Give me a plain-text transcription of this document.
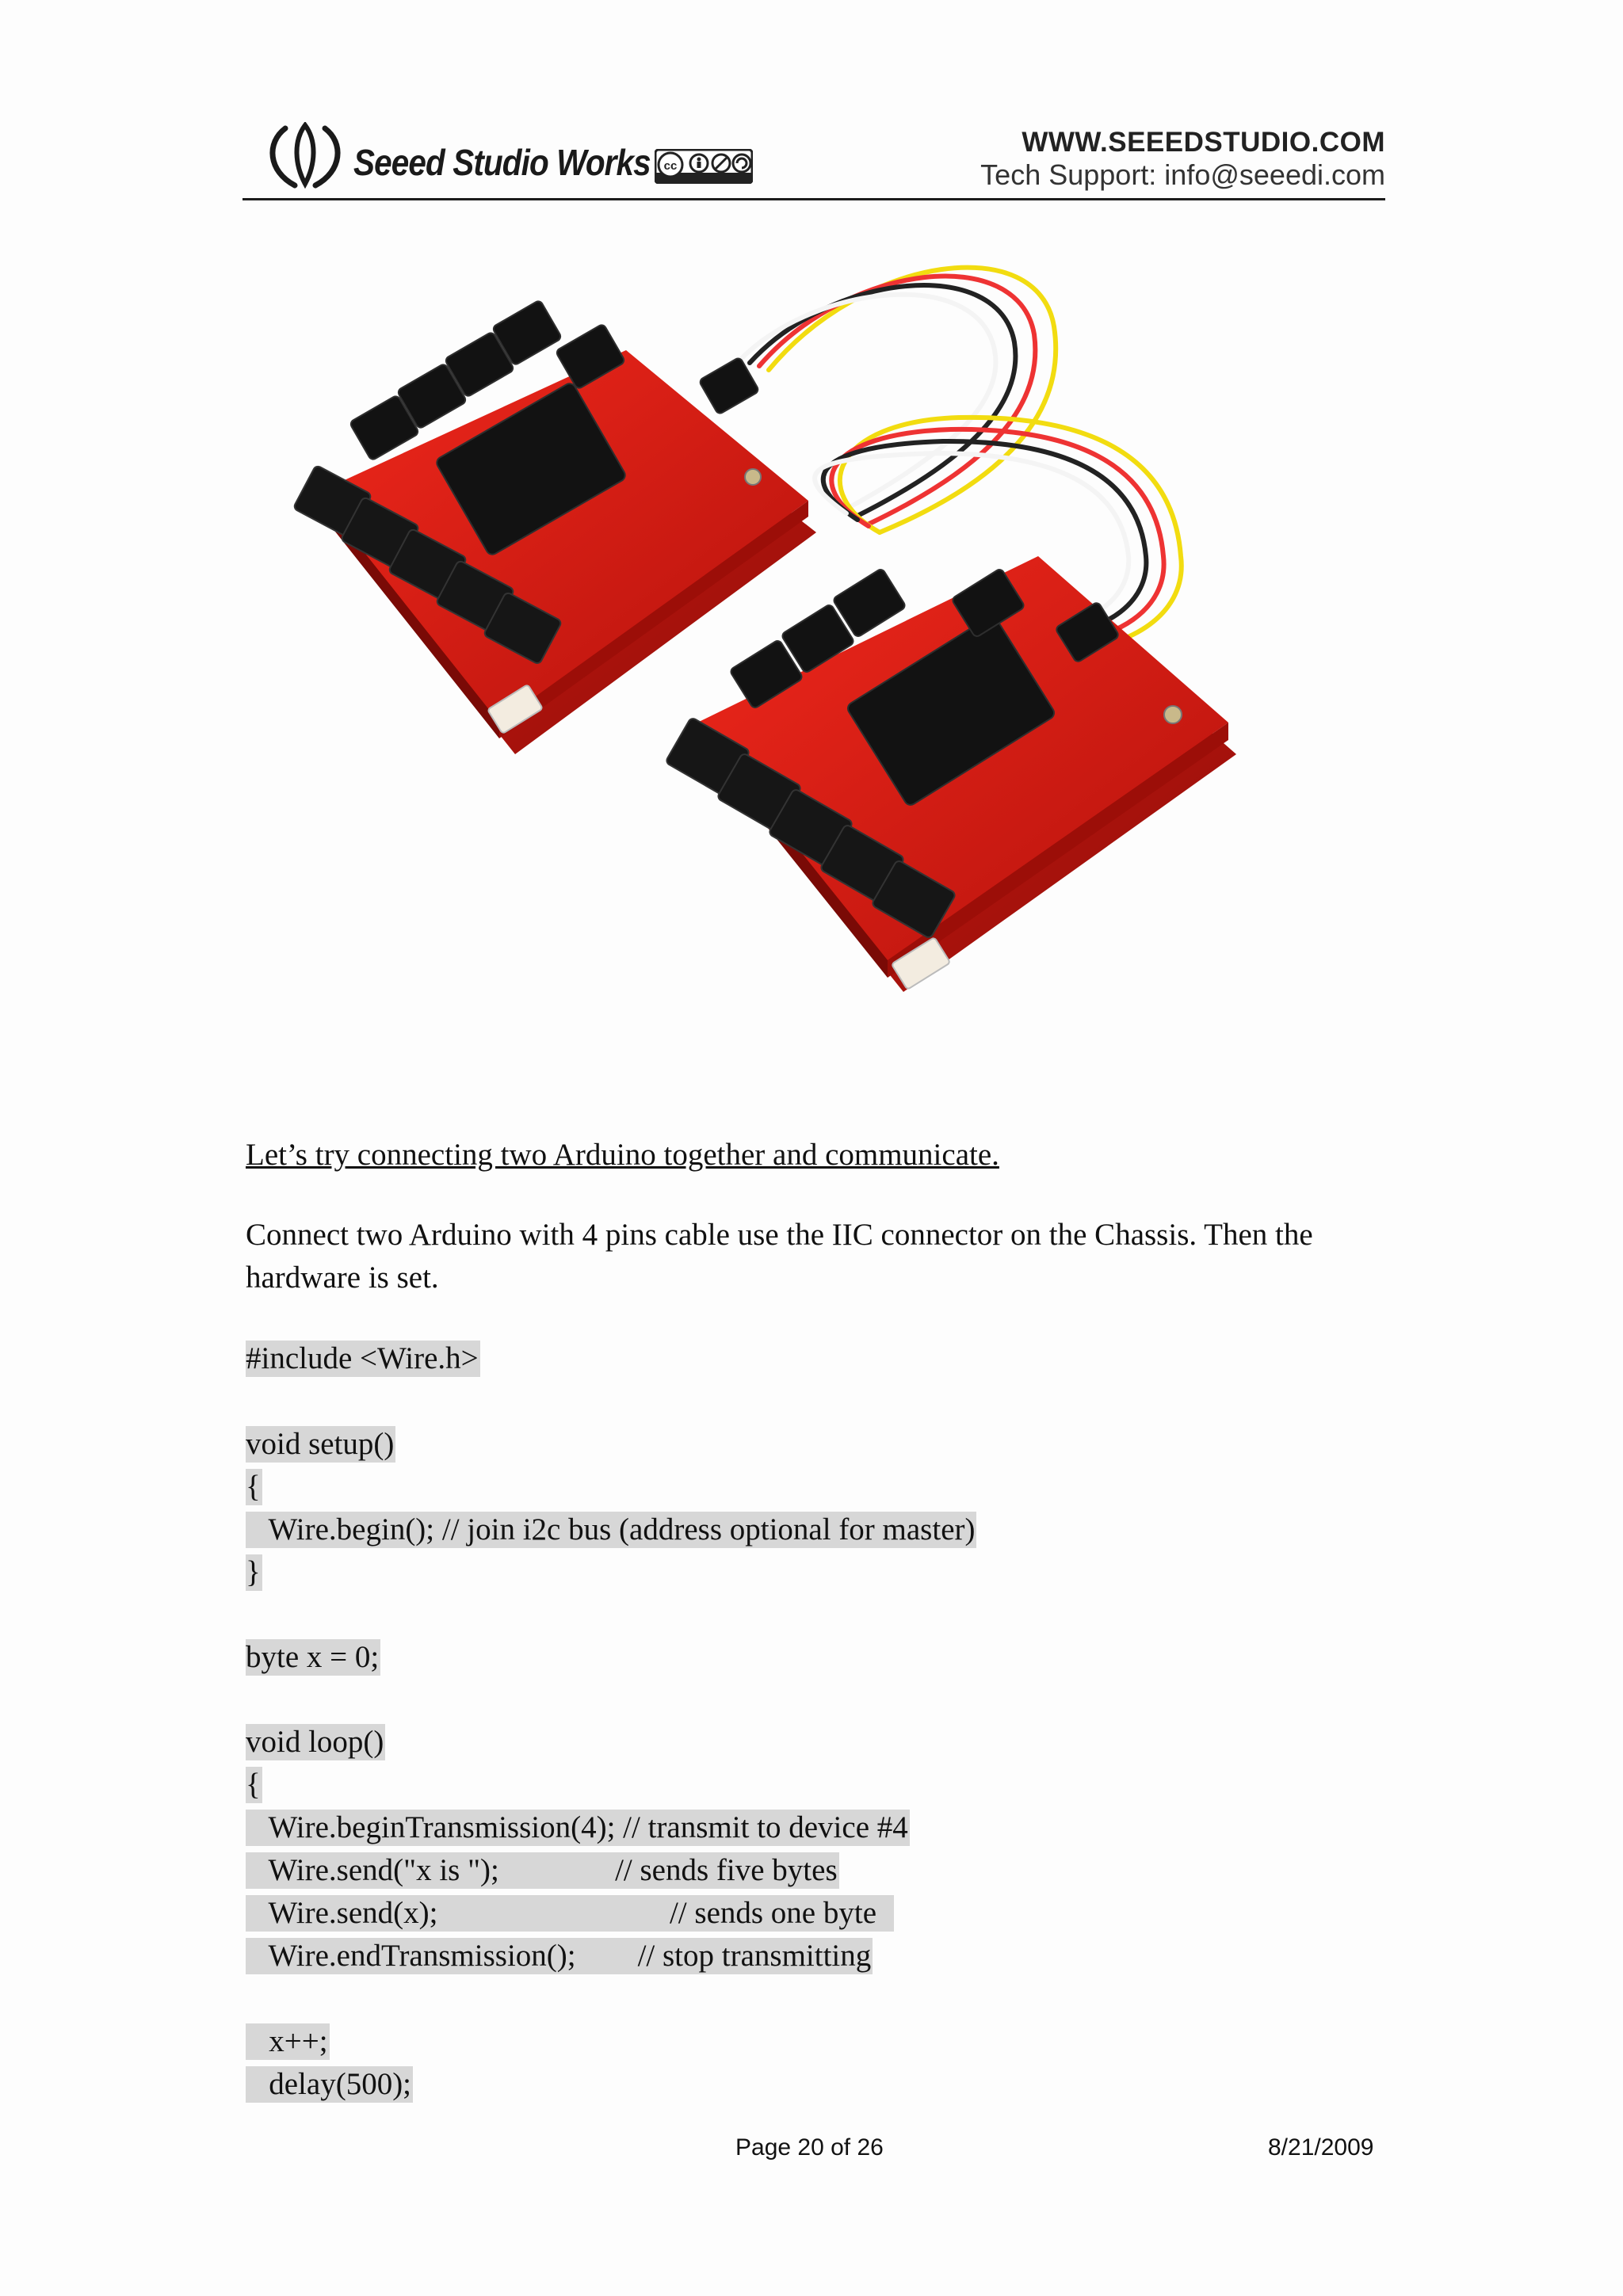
Seeed Studio Works cc
WWW.SEEEDSTUDIO.COM
Tech Support: info@seeedi.com
Let’s try connecting two Arduino together and communicate.
Connect two Arduino with 4 pins cable use the IIC connector on the Chassis. Then the hardware is set.
#include <Wire.h>
void setup()
{
Wire.begin(); // join i2c bus (address optional for master)
}
byte x = 0;
void loop()
{
Wire.beginTransmission(4); // transmit to device #4
Wire.send("x is ");               // sends five bytes
Wire.send(x);                              // sends one byte
Wire.endTransmission();        // stop transmitting
x++;
delay(500);
Page 20 of 26	8/21/2009
